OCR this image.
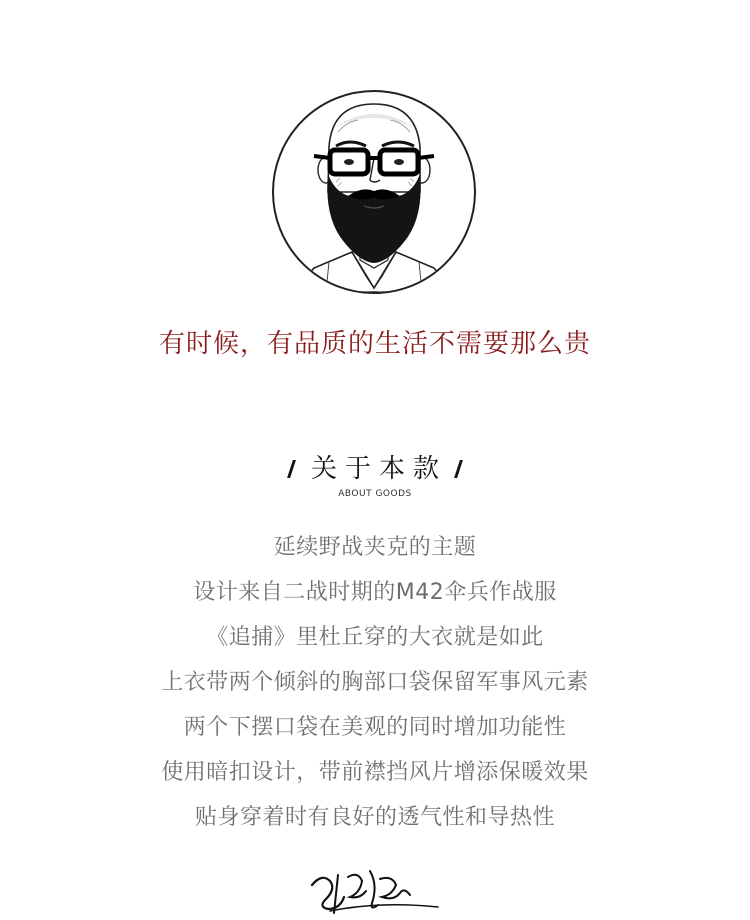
有时候，有品质的生活不需要那么贵
关于本款
ABOUT GOODS
延续野战夹克的主题
设计来自二战时期的M42伞兵作战服
《追捕》里杜丘穿的大衣就是如此
上衣带两个倾斜的胸部口袋保留军事风元素
两个下摆口袋在美观的同时增加功能性
使用暗扣设计，带前襟挡风片增添保暖效果
贴身穿着时有良好的透气性和导热性
